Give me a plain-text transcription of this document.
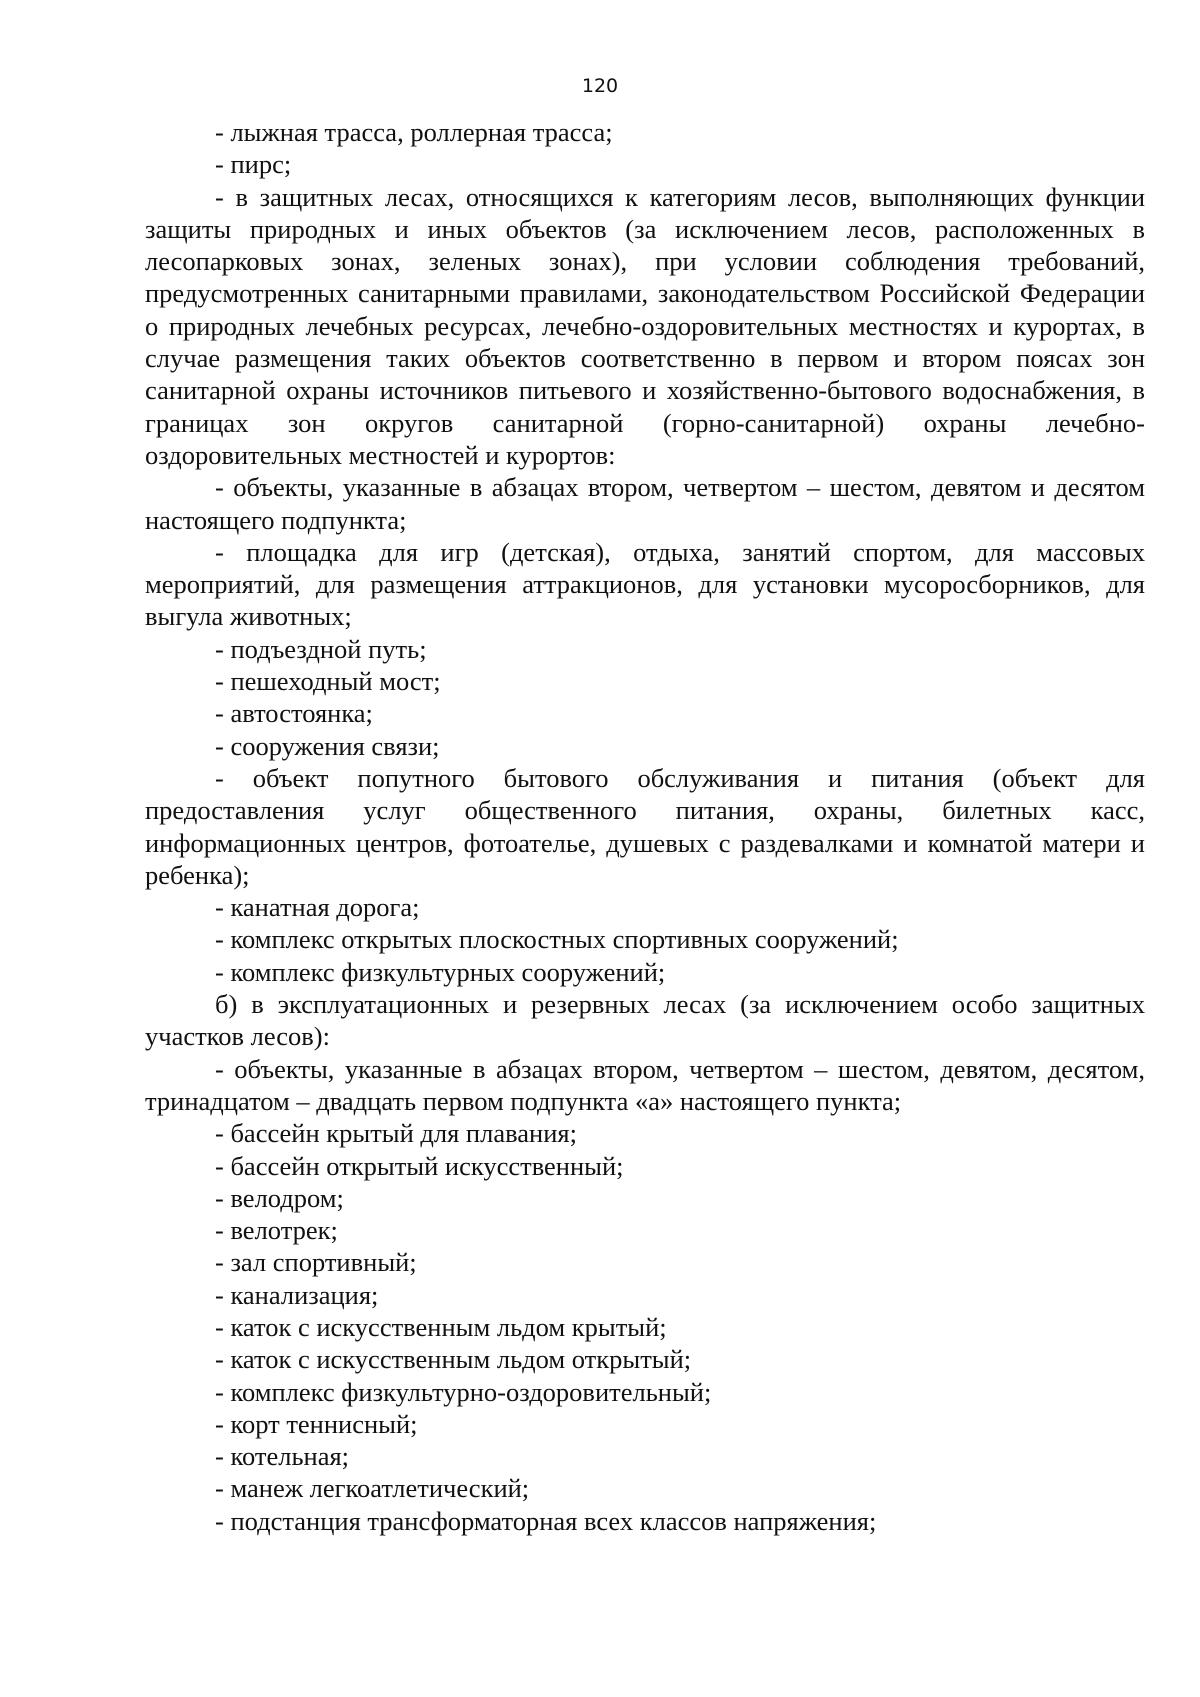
120

- лыжная трасса, роллерная трасса;

- пирс;

- в защитных лесах, относящихся к категориям лесов, выполняющих функции защиты природных и иных объектов (за исключением лесов, расположенных в лесопарковых зонах, зеленых зонах), при условии соблюдения требований, предусмотренных санитарными правилами, законодательством Российской Федерации о природных лечебных ресурсах, лечебно-оздоровительных местностях и курортах, в случае размещения таких объектов соответственно в первом и втором поясах зон санитарной охраны источников питьевого и хозяйственно-бытового водоснабжения, в границах зон округов санитарной (горно-санитарной) охраны лечебно-оздоровительных местностей и курортов:

- объекты, указанные в абзацах втором, четвертом – шестом, девятом и десятом настоящего подпункта;

- площадка для игр (детская), отдыха, занятий спортом, для массовых мероприятий, для размещения аттракционов, для установки мусоросборников, для выгула животных;

- подъездной путь;

- пешеходный мост;

- автостоянка;

- сооружения связи;

- объект попутного бытового обслуживания и питания (объект для предоставления услуг общественного питания, охраны, билетных касс, информационных центров, фотоателье, душевых с раздевалками и комнатой матери и ребенка);

- канатная дорога;

- комплекс открытых плоскостных спортивных сооружений;

- комплекс физкультурных сооружений;

б) в эксплуатационных и резервных лесах (за исключением особо защитных участков лесов):

- объекты, указанные в абзацах втором, четвертом – шестом, девятом, десятом, тринадцатом – двадцать первом подпункта «а» настоящего пункта;

- бассейн крытый для плавания;

- бассейн открытый искусственный;

- велодром;

- велотрек;

- зал спортивный;

- канализация;

- каток с искусственным льдом крытый;

- каток с искусственным льдом открытый;

- комплекс физкультурно-оздоровительный;

- корт теннисный;

- котельная;

- манеж легкоатлетический;

- подстанция трансформаторная всех классов напряжения;
